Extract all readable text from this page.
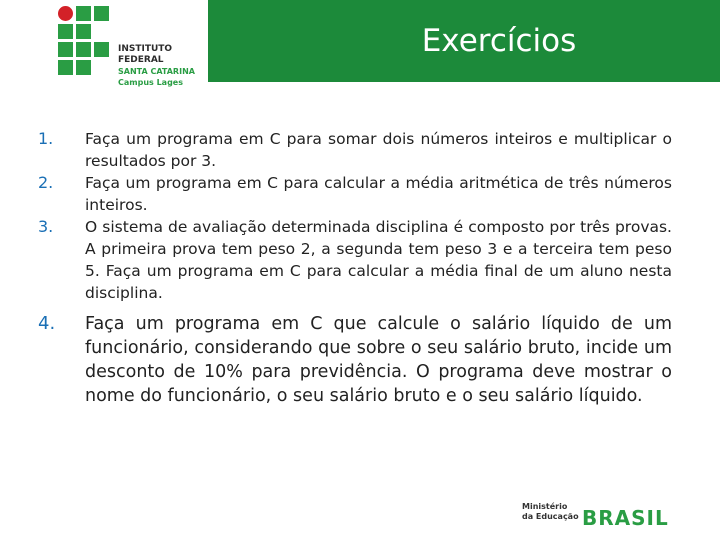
Exercícios
INSTITUTO FEDERAL
SANTA CATARINA
Campus Lages
1.	Faça um programa em C para somar dois números inteiros e multiplicar o resultados por 3.
2.	Faça um programa em C para calcular a média aritmética de três números inteiros.
3.	O sistema de avaliação determinada disciplina é composto por três provas. A primeira prova tem peso 2, a segunda tem peso 3 e a terceira tem peso 5. Faça um programa em C para calcular a média final de um aluno nesta disciplina.
4.	Faça um programa em C que calcule o salário líquido de um funcionário, considerando que sobre o seu salário bruto, incide um desconto de 10% para previdência. O programa deve mostrar o nome do funcionário, o seu salário bruto e o seu salário líquido.
Ministério
da Educação BRASIL
